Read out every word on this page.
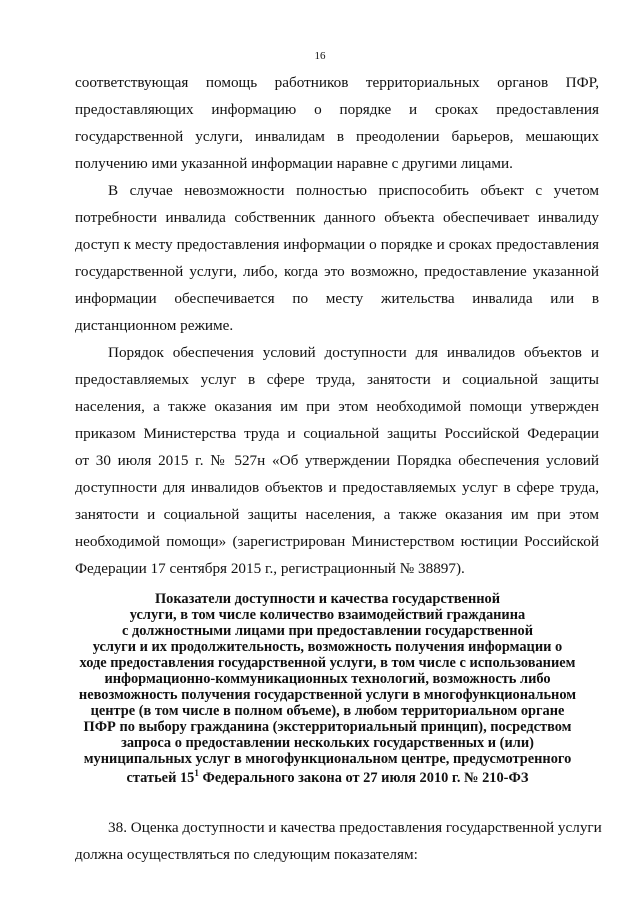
16
соответствующая помощь работников территориальных органов ПФР,
предоставляющих информацию о порядке и сроках предоставления
государственной услуги, инвалидам в преодолении барьеров, мешающих
получению ими указанной информации наравне с другими лицами.
В случае невозможности полностью приспособить объект с учетом
потребности инвалида собственник данного объекта обеспечивает инвалиду
доступ к месту предоставления информации о порядке и сроках предоставления
государственной услуги, либо, когда это возможно, предоставление указанной
информации обеспечивается по месту жительства инвалида или в
дистанционном режиме.
Порядок обеспечения условий доступности для инвалидов объектов и
предоставляемых услуг в сфере труда, занятости и социальной защиты
населения, а также оказания им при этом необходимой помощи утвержден
приказом Министерства труда и социальной защиты Российской Федерации
от 30 июля 2015 г. № 527н «Об утверждении Порядка обеспечения условий
доступности для инвалидов объектов и предоставляемых услуг в сфере труда,
занятости и социальной защиты населения, а также оказания им при этом
необходимой помощи» (зарегистрирован Министерством юстиции Российской
Федерации 17 сентября 2015 г., регистрационный № 38897).
Показатели доступности и качества государственной
услуги, в том числе количество взаимодействий гражданина
с должностными лицами при предоставлении государственной
услуги и их продолжительность, возможность получения информации о
ходе предоставления государственной услуги, в том числе с использованием
информационно-коммуникационных технологий, возможность либо
невозможность получения государственной услуги в многофункциональном
центре (в том числе в полном объеме), в любом территориальном органе
ПФР по выбору гражданина (экстерриториальный принцип), посредством
запроса о предоставлении нескольких государственных и (или)
муниципальных услуг в многофункциональном центре, предусмотренного
статьей $15^1$ Федерального закона от 27 июля 2010 г. № 210-ФЗ
38. Оценка доступности и качества предоставления государственной услуги
должна осуществляться по следующим показателям:
